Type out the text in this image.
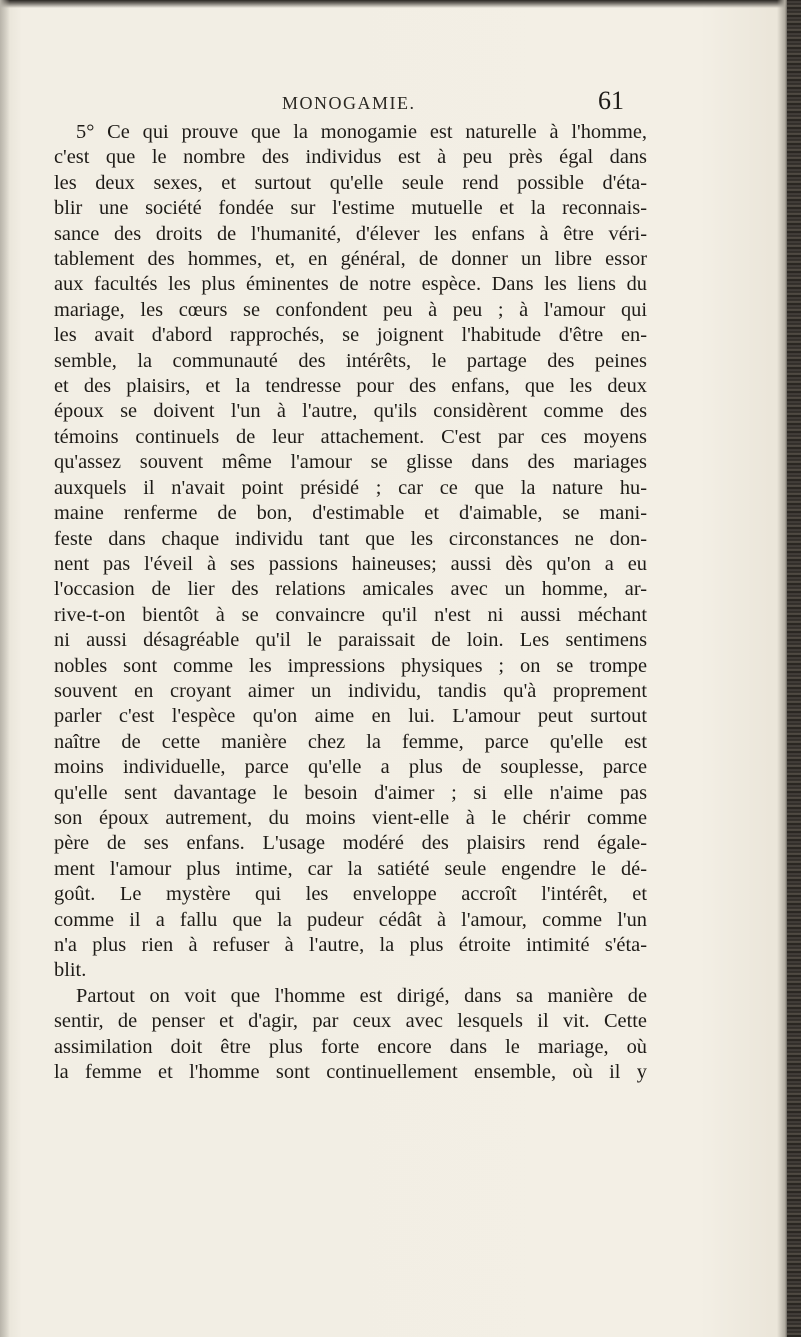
MONOGAMIE.	61
5° Ce qui prouve que la monogamie est naturelle à l'homme,
c'est que le nombre des individus est à peu près égal dans
les deux sexes, et surtout qu'elle seule rend possible d'éta-
blir une société fondée sur l'estime mutuelle et la reconnais-
sance des droits de l'humanité, d'élever les enfans à être véri-
tablement des hommes, et, en général, de donner un libre essor
aux facultés les plus éminentes de notre espèce. Dans les liens du
mariage, les cœurs se confondent peu à peu ; à l'amour qui
les avait d'abord rapprochés, se joignent l'habitude d'être en-
semble, la communauté des intérêts, le partage des peines
et des plaisirs, et la tendresse pour des enfans, que les deux
époux se doivent l'un à l'autre, qu'ils considèrent comme des
témoins continuels de leur attachement. C'est par ces moyens
qu'assez souvent même l'amour se glisse dans des mariages
auxquels il n'avait point présidé ; car ce que la nature hu-
maine renferme de bon, d'estimable et d'aimable, se mani-
feste dans chaque individu tant que les circonstances ne don-
nent pas l'éveil à ses passions haineuses; aussi dès qu'on a eu
l'occasion de lier des relations amicales avec un homme, ar-
rive-t-on bientôt à se convaincre qu'il n'est ni aussi méchant
ni aussi désagréable qu'il le paraissait de loin. Les sentimens
nobles sont comme les impressions physiques ; on se trompe
souvent en croyant aimer un individu, tandis qu'à proprement
parler c'est l'espèce qu'on aime en lui. L'amour peut surtout
naître de cette manière chez la femme, parce qu'elle est
moins individuelle, parce qu'elle a plus de souplesse, parce
qu'elle sent davantage le besoin d'aimer ; si elle n'aime pas
son époux autrement, du moins vient-elle à le chérir comme
père de ses enfans. L'usage modéré des plaisirs rend égale-
ment l'amour plus intime, car la satiété seule engendre le dé-
goût. Le mystère qui les enveloppe accroît l'intérêt, et
comme il a fallu que la pudeur cédât à l'amour, comme l'un
n'a plus rien à refuser à l'autre, la plus étroite intimité s'éta-
blit.
Partout on voit que l'homme est dirigé, dans sa manière de
sentir, de penser et d'agir, par ceux avec lesquels il vit. Cette
assimilation doit être plus forte encore dans le mariage, où
la femme et l'homme sont continuellement ensemble, où il y
